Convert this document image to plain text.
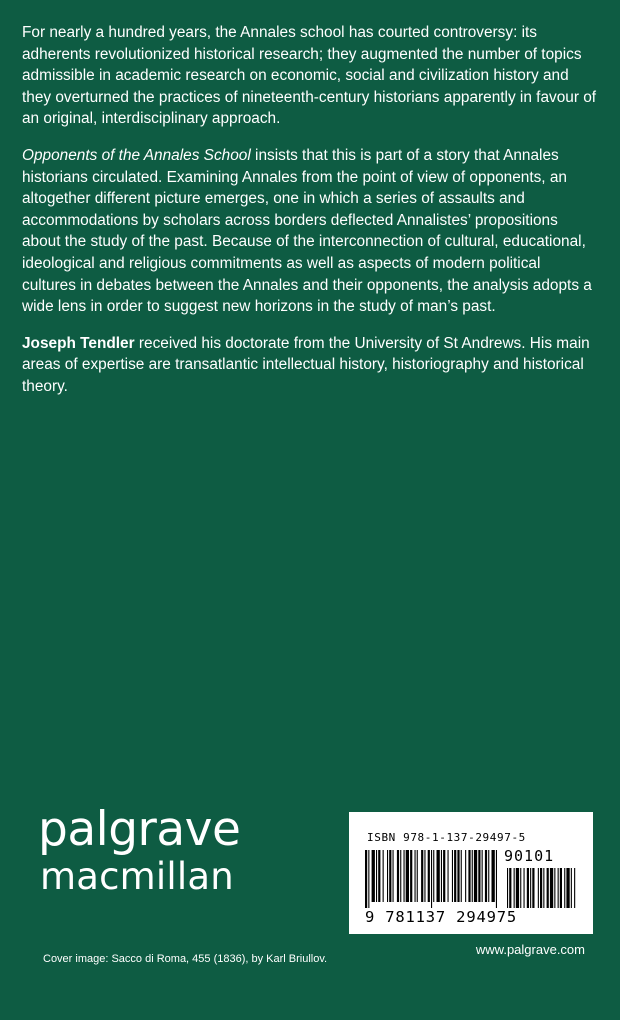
For nearly a hundred years, the Annales school has courted controversy: its adherents revolutionized historical research; they augmented the number of topics admissible in academic research on economic, social and civilization history and they overturned the practices of nineteenth-century historians apparently in favour of an original, interdisciplinary approach.

Opponents of the Annales School insists that this is part of a story that Annales historians circulated. Examining Annales from the point of view of opponents, an altogether different picture emerges, one in which a series of assaults and accommodations by scholars across borders deflected Annalistes’ propositions about the study of the past. Because of the interconnection of cultural, educational, ideological and religious commitments as well as aspects of modern political cultures in debates between the Annales and their opponents, the analysis adopts a wide lens in order to suggest new horizons in the study of man’s past.

Joseph Tendler received his doctorate from the University of St Andrews. His main areas of expertise are transatlantic intellectual history, historiography and historical theory.

palgrave
macmillan
Cover image: Sacco di Roma, 455 (1836), by Karl Briullov.
ISBN 978-1-137-29497-5
90101
9 781137 294975
www.palgrave.com
